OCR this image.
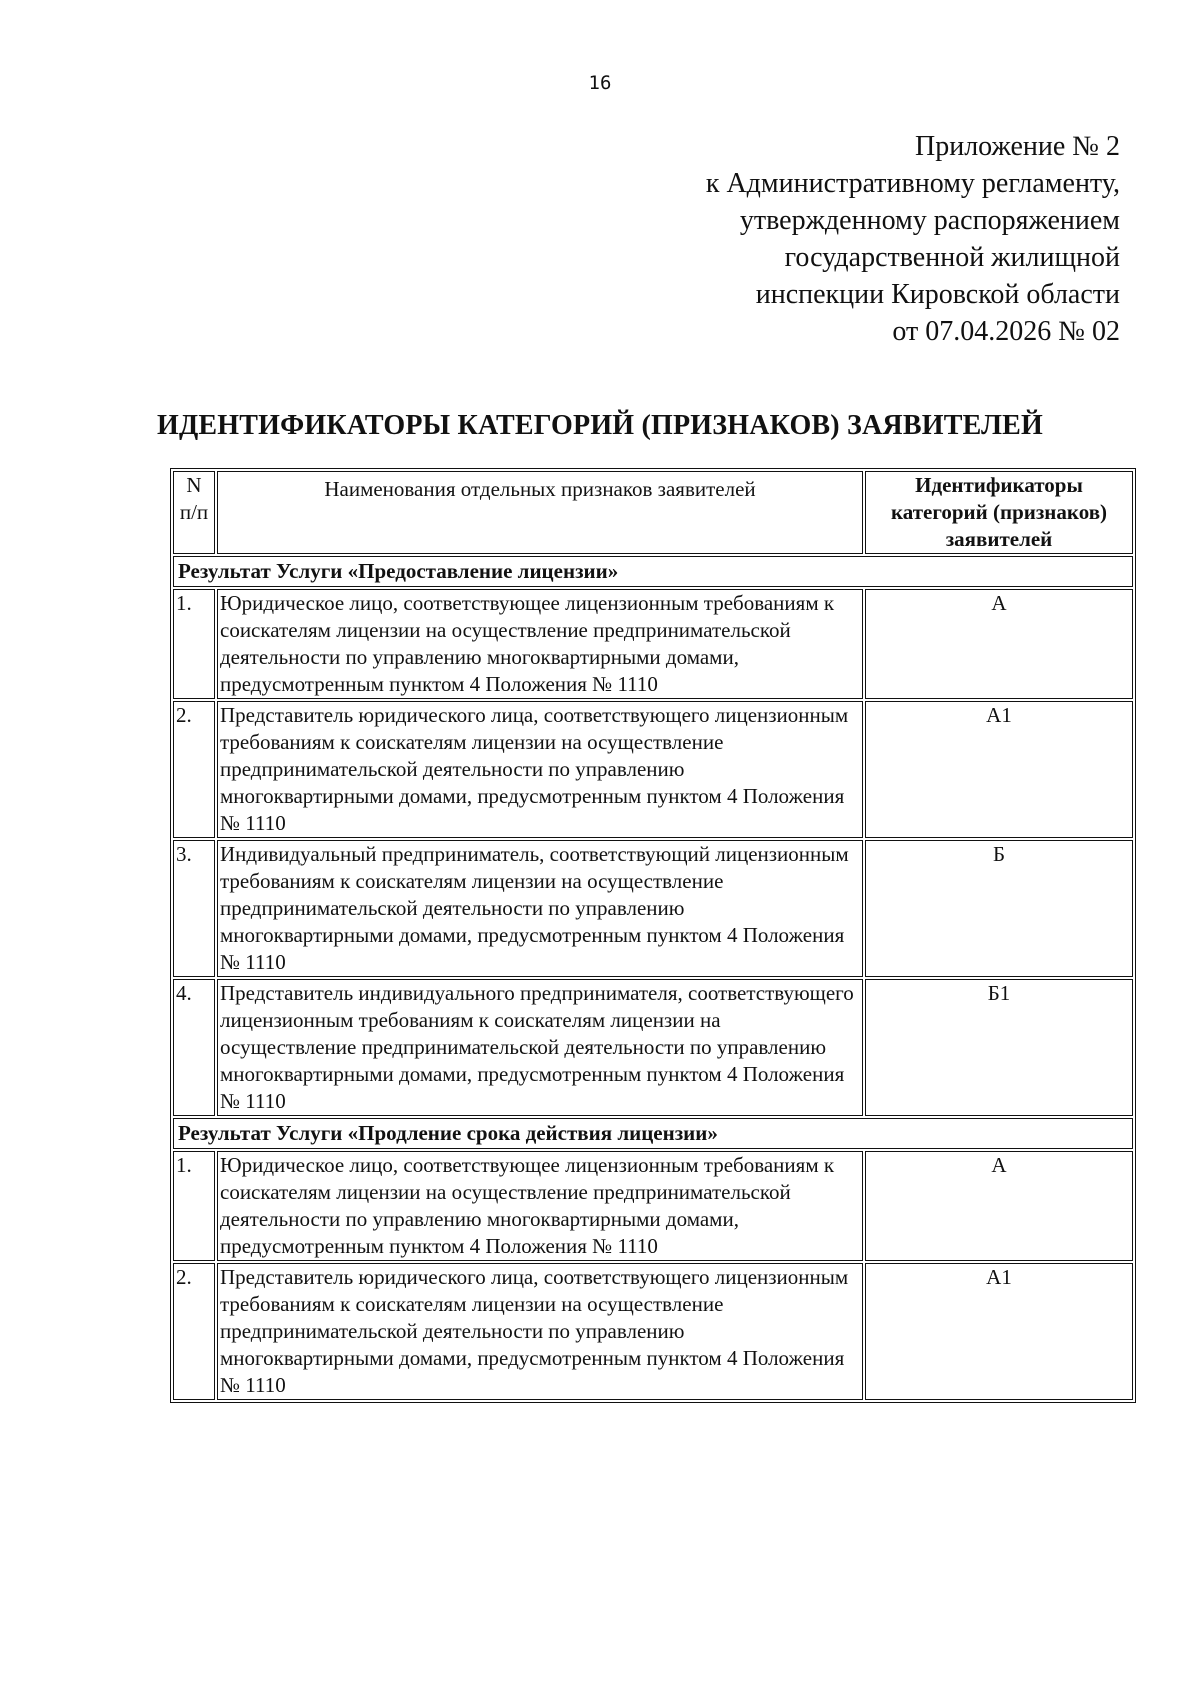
16
Приложение № 2
к Административному регламенту,
утвержденному распоряжением
государственной жилищной
инспекции Кировской области
от 07.04.2026 № 02
ИДЕНТИФИКАТОРЫ КАТЕГОРИЙ (ПРИЗНАКОВ) ЗАЯВИТЕЛЕЙ
N п/п	Наименования отдельных признаков заявителей	Идентификаторы категорий (признаков) заявителей
Результат Услуги «Предоставление лицензии»		
1.	Юридическое лицо, соответствующее лицензионным требованиям к соискателям лицензии на осуществление предпринимательской деятельности по управлению многоквартирными домами, предусмотренным пунктом 4 Положения № 1110	А
2.	Представитель юридического лица, соответствующего лицензионным требованиям к соискателям лицензии на осуществление предпринимательской деятельности по управлению многоквартирными домами, предусмотренным пунктом 4 Положения № 1110	А1
3.	Индивидуальный предприниматель, соответствующий лицензионным требованиям к соискателям лицензии на осуществление предпринимательской деятельности по управлению многоквартирными домами, предусмотренным пунктом 4 Положения № 1110	Б
4.	Представитель индивидуального предпринимателя, соответствующего лицензионным требованиям к соискателям лицензии на осуществление предпринимательской деятельности по управлению многоквартирными домами, предусмотренным пунктом 4 Положения № 1110	Б1
Результат Услуги «Продление срока действия лицензии»		
1.	Юридическое лицо, соответствующее лицензионным требованиям к соискателям лицензии на осуществление предпринимательской деятельности по управлению многоквартирными домами, предусмотренным пунктом 4 Положения № 1110	А
2.	Представитель юридического лица, соответствующего лицензионным требованиям к соискателям лицензии на осуществление предпринимательской деятельности по управлению многоквартирными домами, предусмотренным пунктом 4 Положения № 1110	А1
